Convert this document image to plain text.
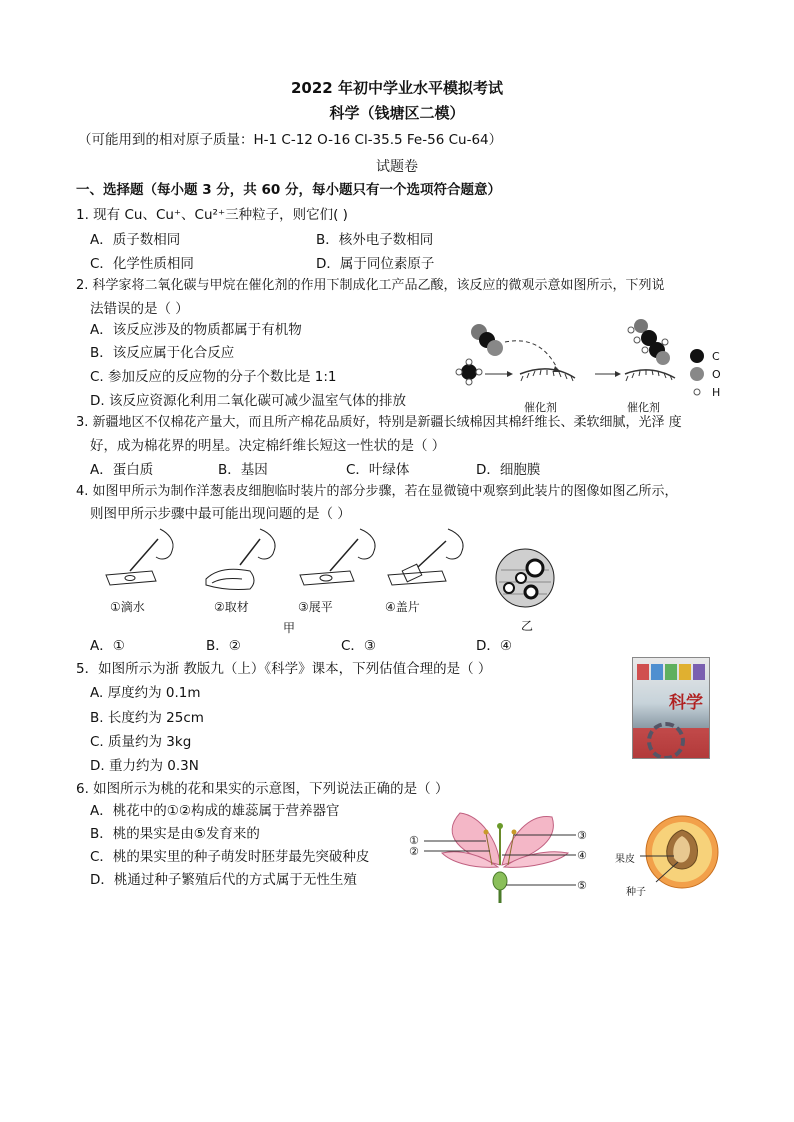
2022 年初中学业水平模拟考试
科学（钱塘区二模）
（可能用到的相对原子质量：H-1 C-12 O-16 Cl-35.5 Fe-56 Cu-64）
试题卷
一、选择题（每小题 3 分，共 60 分，每小题只有一个选项符合题意）
1. 现有 Cu、Cu⁺、Cu²⁺三种粒子，则它们( )
A．质子数相同	B．核外电子数相同
C．化学性质相同	D．属于同位素原子
2. 科学家将二氧化碳与甲烷在催化剂的作用下制成化工产品乙酸，该反应的微观示意如图所示，下列说
法错误的是（ ）
A．该反应涉及的物质都属于有机物
B．该反应属于化合反应
C. 参加反应的反应物的分子个数比是 1:1
D. 该反应资源化利用二氧化碳可减少温室气体的排放	催化剂	催化剂
C
O
H
3. 新疆地区不仅棉花产量大，而且所产棉花品质好，特别是新疆长绒棉因其棉纤维长、柔软细腻，光泽 度
好，成为棉花界的明星。决定棉纤维长短这一性状的是（ ）
A．蛋白质	B．基因	C．叶绿体	D．细胞膜
4. 如图甲所示为制作洋葱表皮细胞临时装片的部分步骤，若在显微镜中观察到此装片的图像如图乙所示，
则图甲所示步骤中最可能出现问题的是（ ）
①滴水	②取材	③展平	④盖片
甲	乙
A．①	B．②	C．③	D．④
5．如图所示为浙 教版九（上）《科学》课本，下列估值合理的是（ ）
A. 厚度约为 0.1m
B. 长度约为 25cm
C. 质量约为 3kg
D. 重力约为 0.3N
科学
6. 如图所示为桃的花和果实的示意图，下列说法正确的是（ ）
A．桃花中的①②构成的雄蕊属于营养器官
B．桃的果实是由⑤发育来的
C．桃的果实里的种子萌发时胚芽最先突破种皮
D．桃通过种子繁殖后代的方式属于无性生殖
①
②
③
④
⑤
果皮
种子
